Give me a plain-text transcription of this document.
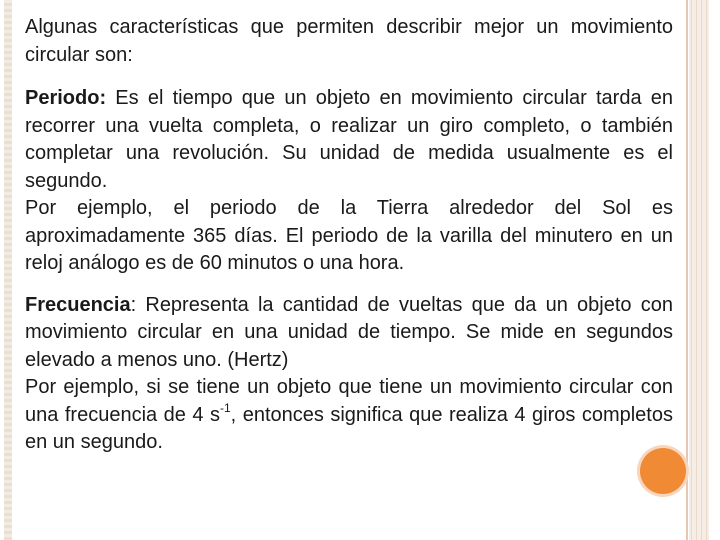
Algunas características que permiten describir mejor un movimiento circular son:

Periodo: Es el tiempo que un objeto en movimiento circular tarda en recorrer una vuelta completa, o realizar un giro completo, o también completar una revolución. Su unidad de medida usualmente es el segundo.

Por ejemplo, el periodo de la Tierra alrededor del Sol es aproximadamente 365 días. El periodo de la varilla del minutero en un reloj análogo es de 60 minutos o una hora.

Frecuencia: Representa la cantidad de vueltas que da un objeto con movimiento circular en una unidad de tiempo. Se mide en segundos elevado a menos uno. (Hertz)

Por ejemplo, si se tiene un objeto que tiene un movimiento circular con una frecuencia de 4 $s^{-1}$, entonces significa que realiza 4 giros completos en un segundo.
